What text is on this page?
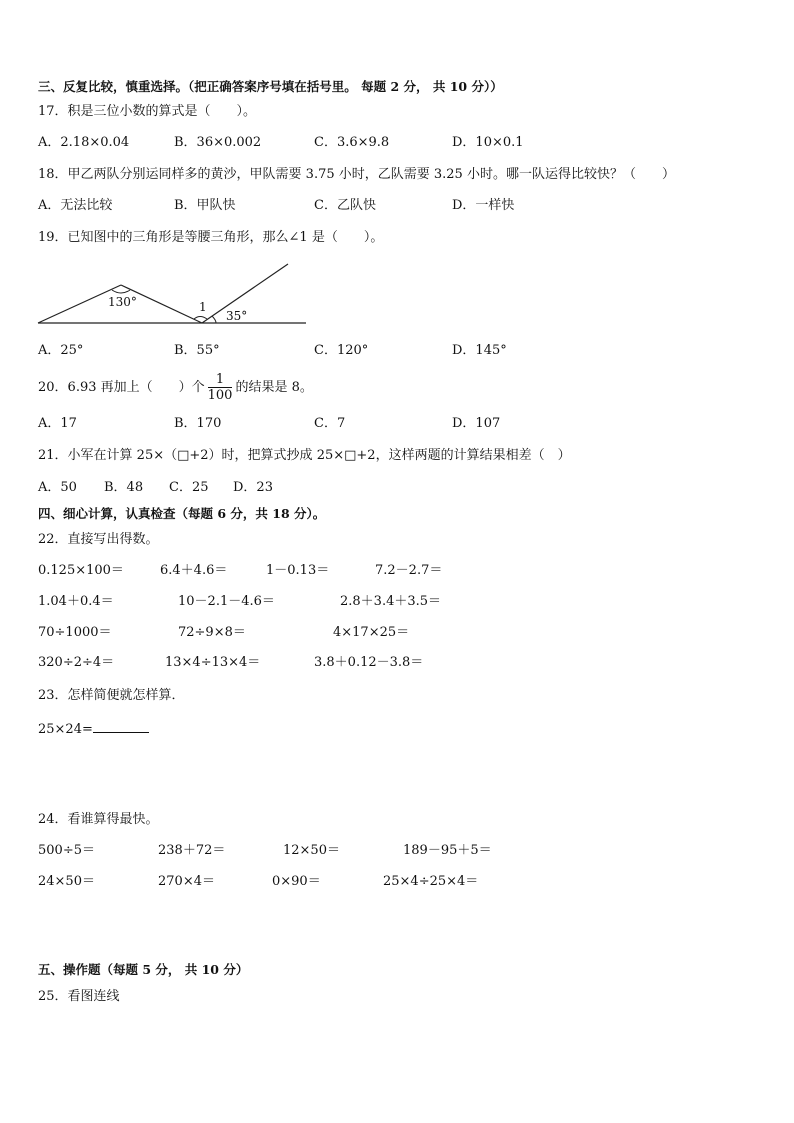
三、反复比较，慎重选择。（把正确答案序号填在括号里。 每题 2 分， 共 10 分））
17．积是三位小数的算式是（　　）。
A．2.18×0.04	B．36×0.002	C．3.6×9.8	D．10×0.1
18．甲乙两队分别运同样多的黄沙，甲队需要 3.75 小时，乙队需要 3.25 小时。哪一队运得比较快？（　　）
A．无法比较	B．甲队快	C．乙队快	D．一样快
19．已知图中的三角形是等腰三角形，那么∠1 是（　　）。
130°	1
35°
A．25°	B．55°	C．120°	D．145°
20．6.93 再加上（　　）个 $\frac{1}{100}$ 的结果是 8。
A．17	B．170	C．7	D．107
21．小军在计算 25×（□+2）时，把算式抄成 25×□+2，这样两题的计算结果相差（　）
A．50 B．48 C．25 D．23
四、细心计算，认真检查（每题 6 分，共 18 分）。
22．直接写出得数。
0.125×100＝	6.4＋4.6＝	1－0.13＝	7.2－2.7＝
1.04＋0.4＝	10－2.1－4.6＝	2.8＋3.4＋3.5＝
70÷1000＝	72÷9×8＝	4×17×25＝
320÷2÷4＝	13×4÷13×4＝	3.8＋0.12－3.8＝
23．怎样简便就怎样算．
25×24=
24．看谁算得最快。
500÷5＝	238＋72＝	12×50＝	189－95＋5＝
24×50＝	270×4＝	0×90＝	25×4÷25×4＝
五、操作题（每题 5 分， 共 10 分）
25．看图连线
